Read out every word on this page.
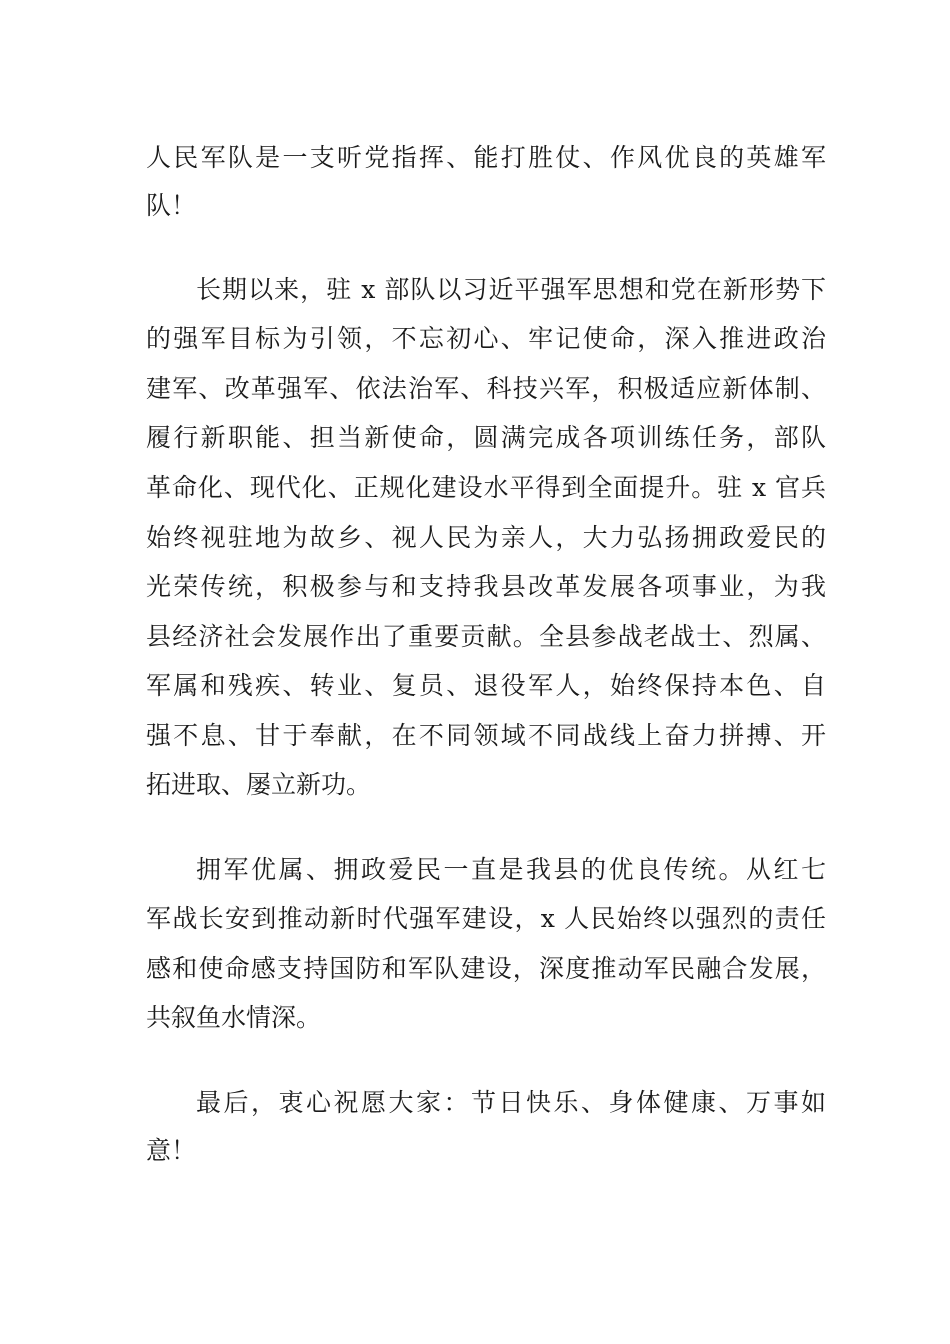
人民军队是一支听党指挥、能打胜仗、作风优良的英雄军
队！
长期以来，驻 x 部队以习近平强军思想和党在新形势下
的强军目标为引领，不忘初心、牢记使命，深入推进政治
建军、改革强军、依法治军、科技兴军，积极适应新体制、
履行新职能、担当新使命，圆满完成各项训练任务，部队
革命化、现代化、正规化建设水平得到全面提升。驻 x 官兵
始终视驻地为故乡、视人民为亲人，大力弘扬拥政爱民的
光荣传统，积极参与和支持我县改革发展各项事业，为我
县经济社会发展作出了重要贡献。全县参战老战士、烈属、
军属和残疾、转业、复员、退役军人，始终保持本色、自
强不息、甘于奉献，在不同领域不同战线上奋力拼搏、开
拓进取、屡立新功。
拥军优属、拥政爱民一直是我县的优良传统。从红七
军战长安到推动新时代强军建设，x 人民始终以强烈的责任
感和使命感支持国防和军队建设，深度推动军民融合发展，
共叙鱼水情深。
最后，衷心祝愿大家：节日快乐、身体健康、万事如
意！
